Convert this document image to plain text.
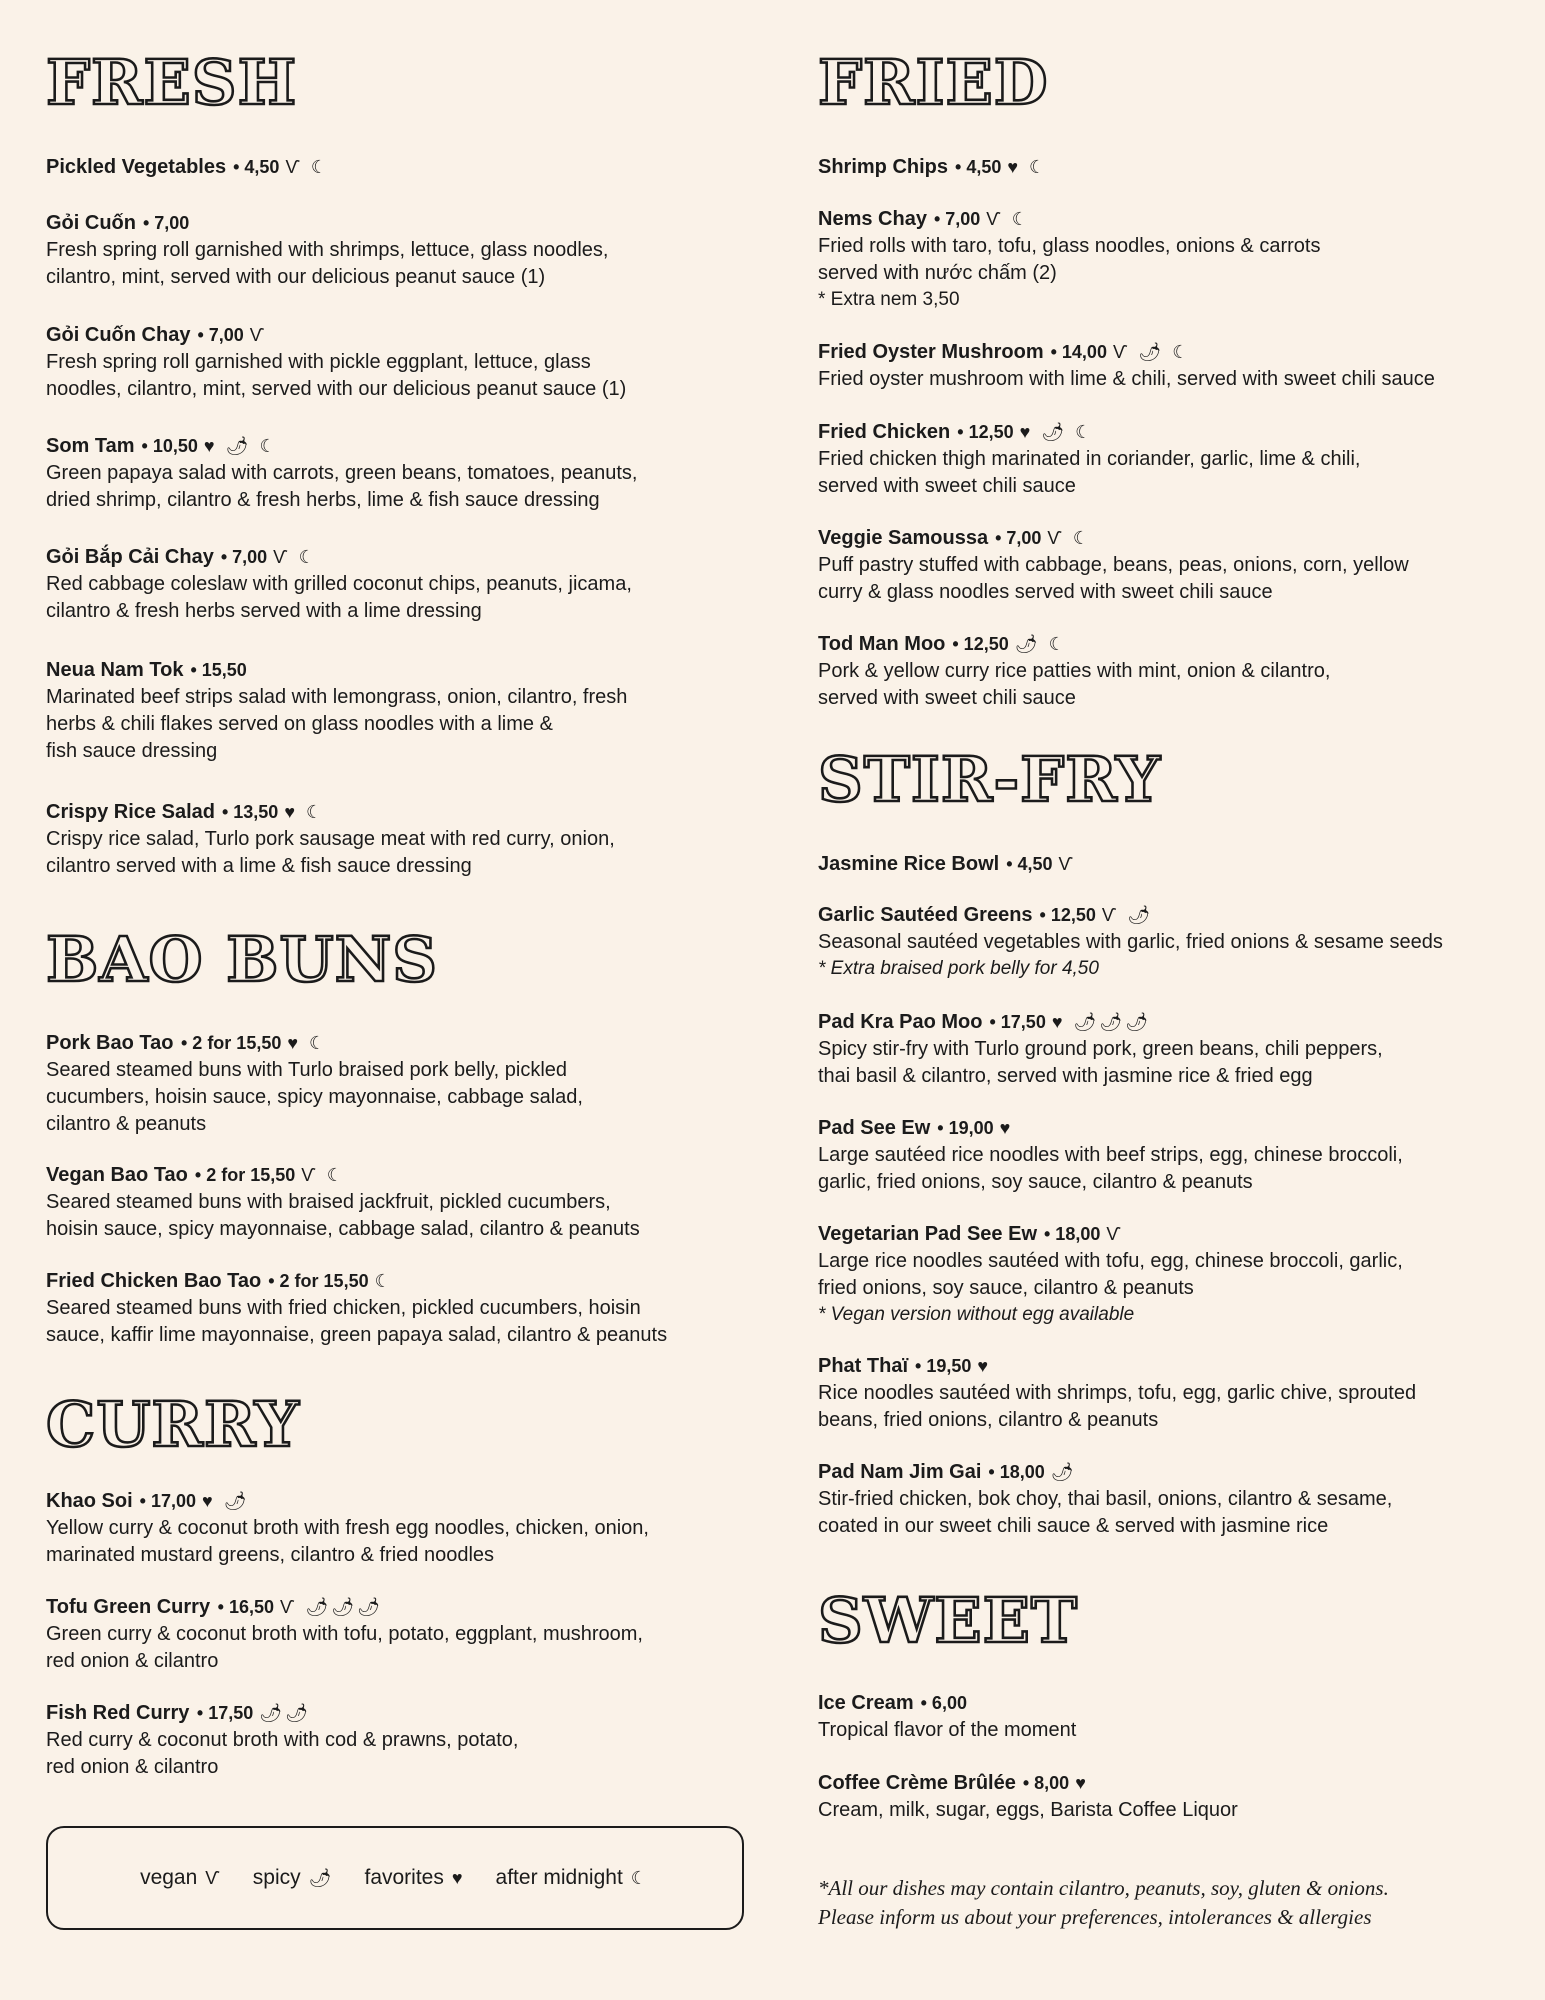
FRESH
Pickled Vegetables • 4,50 Ѵ ☾
Gỏi Cuốn • 7,00

Fresh spring roll garnished with shrimps, lettuce, glass noodles,
cilantro, mint, served with our delicious peanut sauce (1)

Gỏi Cuốn Chay • 7,00 Ѵ

Fresh spring roll garnished with pickle eggplant, lettuce, glass
noodles, cilantro, mint, served with our delicious peanut sauce (1)

Som Tam • 10,50 ♥ 🌶 ☾

Green papaya salad with carrots, green beans, tomatoes, peanuts,
dried shrimp, cilantro & fresh herbs, lime & fish sauce dressing

Gỏi Bắp Cải Chay • 7,00 Ѵ ☾

Red cabbage coleslaw with grilled coconut chips, peanuts, jicama,
cilantro & fresh herbs served with a lime dressing

Neua Nam Tok • 15,50

Marinated beef strips salad with lemongrass, onion, cilantro, fresh
herbs & chili flakes served on glass noodles with a lime &
fish sauce dressing

Crispy Rice Salad • 13,50 ♥ ☾

Crispy rice salad, Turlo pork sausage meat with red curry, onion,
cilantro served with a lime & fish sauce dressing

BAO BUNS
Pork Bao Tao • 2 for 15,50 ♥ ☾

Seared steamed buns with Turlo braised pork belly, pickled
cucumbers, hoisin sauce, spicy mayonnaise, cabbage salad,
cilantro & peanuts

Vegan Bao Tao • 2 for 15,50 Ѵ ☾

Seared steamed buns with braised jackfruit, pickled cucumbers,
hoisin sauce, spicy mayonnaise, cabbage salad, cilantro & peanuts

Fried Chicken Bao Tao • 2 for 15,50 ☾

Seared steamed buns with fried chicken, pickled cucumbers, hoisin
sauce, kaffir lime mayonnaise, green papaya salad, cilantro & peanuts

CURRY
Khao Soi • 17,00 ♥ 🌶

Yellow curry & coconut broth with fresh egg noodles, chicken, onion,
marinated mustard greens, cilantro & fried noodles

Tofu Green Curry • 16,50 Ѵ 🌶🌶🌶

Green curry & coconut broth with tofu, potato, eggplant, mushroom,
red onion & cilantro

Fish Red Curry • 17,50 🌶🌶

Red curry & coconut broth with cod & prawns, potato,
red onion & cilantro

vegan Ѵ spicy 🌶 favorites ♥ after midnight ☾
FRIED
Shrimp Chips • 4,50 ♥ ☾
Nems Chay • 7,00 Ѵ ☾

Fried rolls with taro, tofu, glass noodles, onions & carrots
served with nước chấm (2)

* Extra nem 3,50
Fried Oyster Mushroom • 14,00 Ѵ 🌶 ☾

Fried oyster mushroom with lime & chili, served with sweet chili sauce

Fried Chicken • 12,50 ♥ 🌶 ☾

Fried chicken thigh marinated in coriander, garlic, lime & chili,
served with sweet chili sauce

Veggie Samoussa • 7,00 Ѵ ☾

Puff pastry stuffed with cabbage, beans, peas, onions, corn, yellow
curry & glass noodles served with sweet chili sauce

Tod Man Moo • 12,50 🌶 ☾

Pork & yellow curry rice patties with mint, onion & cilantro,
served with sweet chili sauce

STIR-FRY
Jasmine Rice Bowl • 4,50 Ѵ
Garlic Sautéed Greens • 12,50 Ѵ 🌶

Seasonal sautéed vegetables with garlic, fried onions & sesame seeds

* Extra braised pork belly for 4,50
Pad Kra Pao Moo • 17,50 ♥ 🌶🌶🌶

Spicy stir-fry with Turlo ground pork, green beans, chili peppers,
thai basil & cilantro, served with jasmine rice & fried egg

Pad See Ew • 19,00 ♥

Large sautéed rice noodles with beef strips, egg, chinese broccoli,
garlic, fried onions, soy sauce, cilantro & peanuts

Vegetarian Pad See Ew • 18,00 Ѵ

Large rice noodles sautéed with tofu, egg, chinese broccoli, garlic,
fried onions, soy sauce, cilantro & peanuts

* Vegan version without egg available
Phat Thaï • 19,50 ♥

Rice noodles sautéed with shrimps, tofu, egg, garlic chive, sprouted
beans, fried onions, cilantro & peanuts

Pad Nam Jim Gai • 18,00 🌶

Stir-fried chicken, bok choy, thai basil, onions, cilantro & sesame,
coated in our sweet chili sauce & served with jasmine rice

SWEET
Ice Cream • 6,00

Tropical flavor of the moment

Coffee Crème Brûlée • 8,00 ♥

Cream, milk, sugar, eggs, Barista Coffee Liquor

*All our dishes may contain cilantro, peanuts, soy, gluten & onions.
Please inform us about your preferences, intolerances & allergies
